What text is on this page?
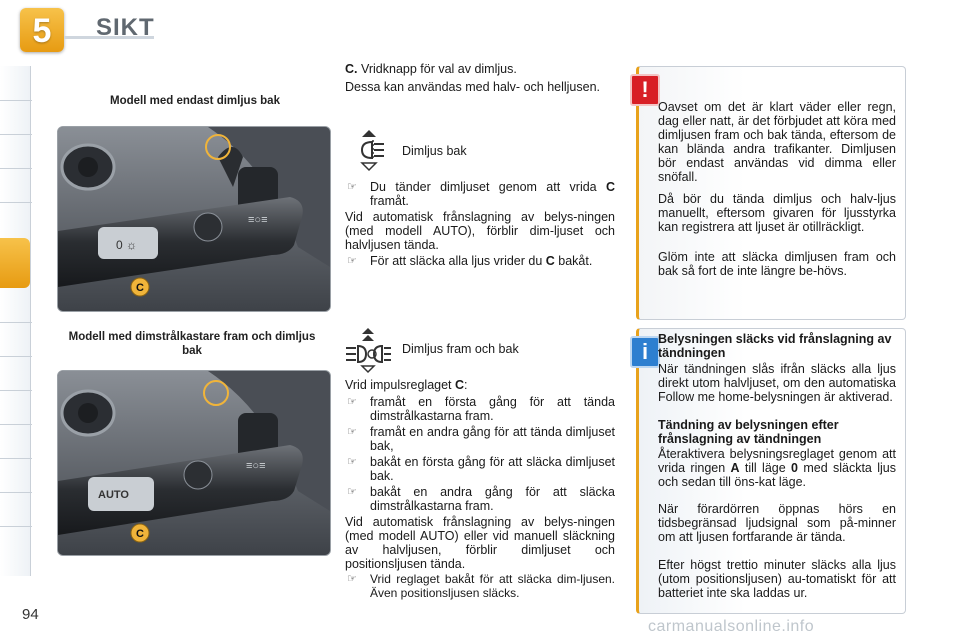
5	SIKT
Modell med endast dimljus bak
0 ☼
≡○≡
C
Modell med dimstrålkastare fram och dimljus bak
AUTO
≡○≡
C
C. Vridknapp för val av dimljus.
Dessa kan användas med halv- och helljusen.
Dimljus bak
☞ Du tänder dimljuset genom att vrida C framåt.
Vid automatisk frånslagning av belys-ningen (med modell AUTO), förblir dim-ljuset och halvljusen tända.
☞ För att släcka alla ljus vrider du C bakåt.
Dimljus fram och bak
Vrid impulsreglaget C:
☞ framåt en första gång för att tända dimstrålkastarna fram.
☞ framåt en andra gång för att tända dimljuset bak,
☞ bakåt en första gång för att släcka dimljuset bak.
☞ bakåt en andra gång för att släcka dimstrålkastarna fram.
Vid automatisk frånslagning av belys-ningen (med modell AUTO) eller vid manuell släckning av halvljusen, förblir dimljuset och positionsljusen tända.
☞ Vrid reglaget bakåt för att släcka dim-ljusen. Även positionsljusen släcks.
!
Oavset om det är klart väder eller regn, dag eller natt, är det förbjudet att köra med dimljusen fram och bak tända, eftersom de kan blända andra trafikanter. Dimljusen bör endast användas vid dimma eller snöfall.
Då bör du tända dimljus och halv-ljus manuellt, eftersom givaren för ljusstyrka kan registrera att ljuset är otillräckligt.
Glöm inte att släcka dimljusen fram och bak så fort de inte längre be-hövs.
i Belysningen släcks vid frånslagning av tändningen
När tändningen slås ifrån släcks alla ljus direkt utom halvljuset, om den automatiska Follow me home-belysningen är aktiverad.
Tändning av belysningen efter frånslagning av tändningen
Återaktivera belysningsreglaget genom att vrida ringen A till läge 0 med släckta ljus och sedan till öns-kat läge.
När förardörren öppnas hörs en tidsbegränsad ljudsignal som på-minner om att ljusen fortfarande är tända.
Efter högst trettio minuter släcks alla ljus (utom positionsljusen) au-tomatiskt för att batteriet inte ska laddas ur.
94
carmanualsonline.info
